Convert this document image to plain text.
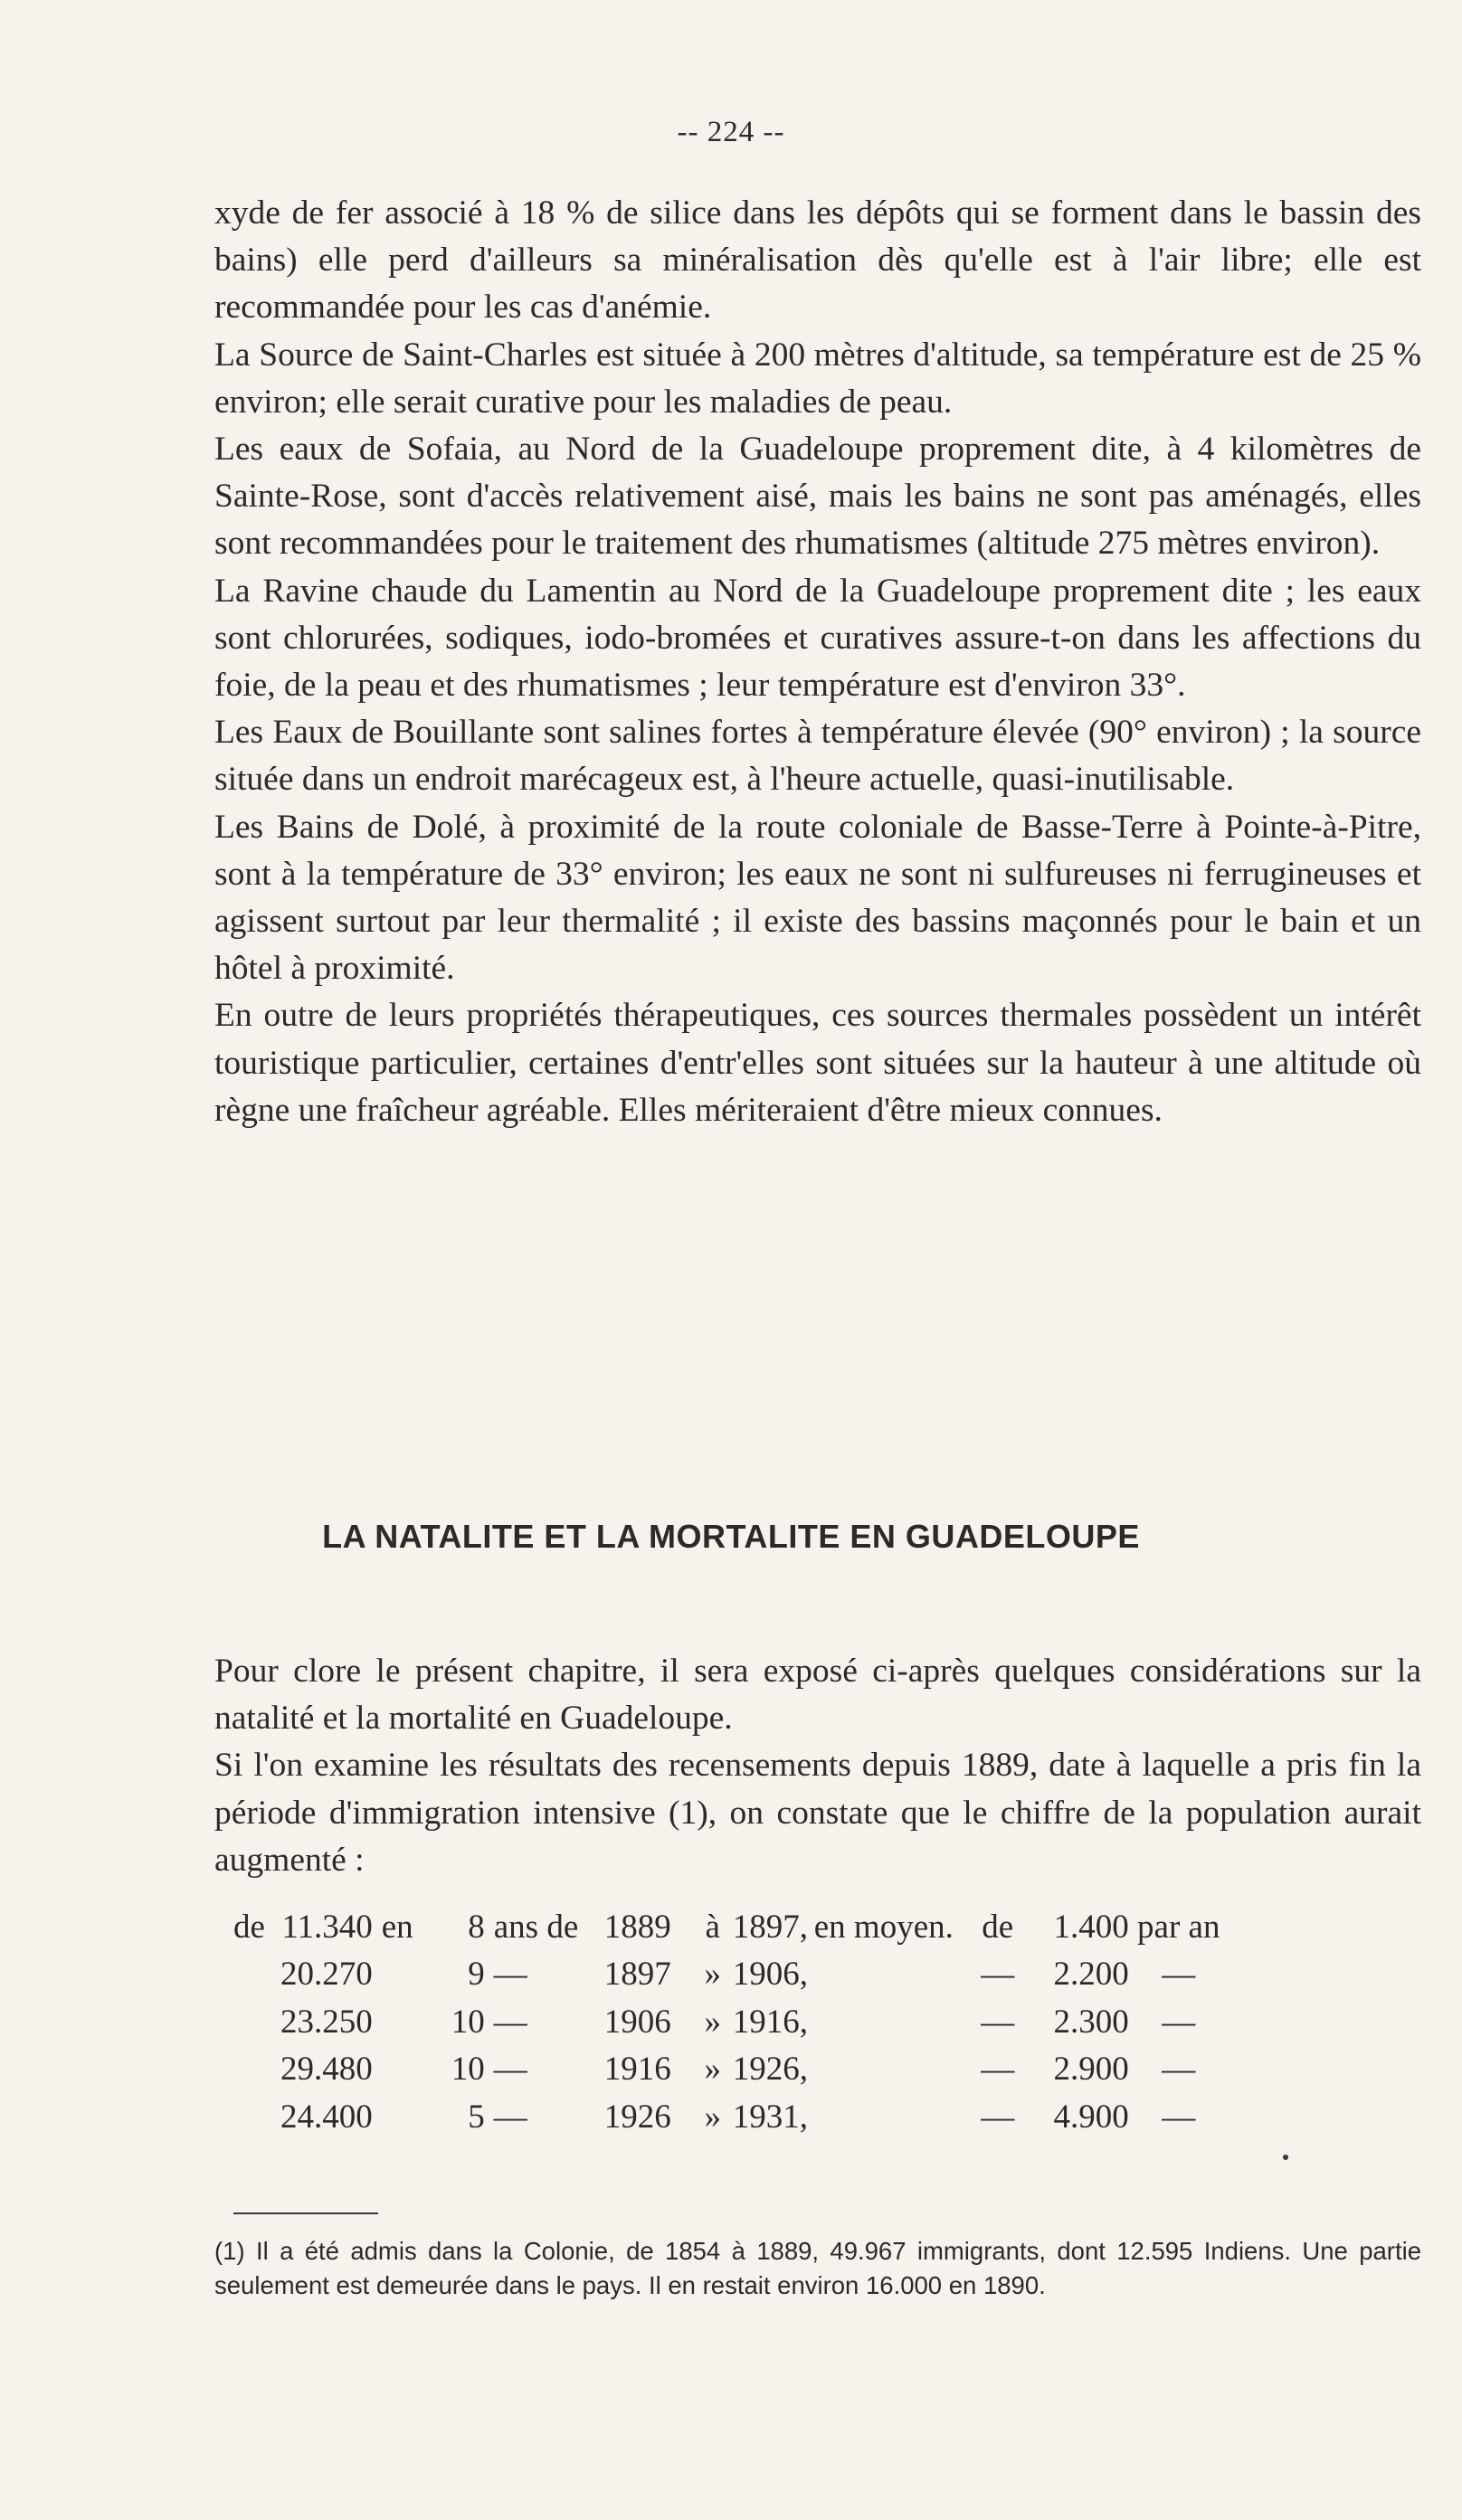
-- 224 --

xyde de fer associé à 18 % de silice dans les dépôts qui se forment dans le bassin des bains) elle perd d'ailleurs sa minéralisation dès qu'elle est à l'air libre; elle est recommandée pour les cas d'anémie.

La Source de Saint-Charles est située à 200 mètres d'altitude, sa température est de 25 % environ; elle serait curative pour les maladies de peau.

Les eaux de Sofaia, au Nord de la Guadeloupe proprement dite, à 4 kilomètres de Sainte-Rose, sont d'accès relativement aisé, mais les bains ne sont pas aménagés, elles sont recommandées pour le traitement des rhumatismes (altitude 275 mètres environ).

La Ravine chaude du Lamentin au Nord de la Guadeloupe proprement dite ; les eaux sont chlorurées, sodiques, iodo-bromées et curatives assure-t-on dans les affections du foie, de la peau et des rhumatismes ; leur température est d'environ 33°.

Les Eaux de Bouillante sont salines fortes à température élevée (90° environ) ; la source située dans un endroit marécageux est, à l'heure actuelle, quasi-inutilisable.

Les Bains de Dolé, à proximité de la route coloniale de Basse-Terre à Pointe-à-Pitre, sont à la température de 33° environ; les eaux ne sont ni sulfureuses ni ferrugineuses et agissent surtout par leur thermalité ; il existe des bassins maçonnés pour le bain et un hôtel à proximité.

En outre de leurs propriétés thérapeutiques, ces sources thermales possèdent un intérêt touristique particulier, certaines d'entr'elles sont situées sur la hauteur à une altitude où règne une fraîcheur agréable. Elles mériteraient d'être mieux connues.

LA NATALITE ET LA MORTALITE EN GUADELOUPE

Pour clore le présent chapitre, il sera exposé ci-après quelques considérations sur la natalité et la mortalité en Guadeloupe.

Si l'on examine les résultats des recensements depuis 1889, date à laquelle a pris fin la période d'immigration intensive (1), on constate que le chiffre de la population aurait augmenté :

de	11.340	en	8	ans de	1889	à	1897,	en moyen.	de	1.400	par an
	20.270		9	—	1897	»	1906,		—	2.200	—
	23.250		10	—	1906	»	1916,		—	2.300	—
	29.480		10	—	1916	»	1926,		—	2.900	—
	24.400		5	—	1926	»	1931,		—	4.900	—
(1) Il a été admis dans la Colonie, de 1854 à 1889, 49.967 immigrants, dont 12.595 Indiens. Une partie seulement est demeurée dans le pays. Il en restait environ 16.000 en 1890.
